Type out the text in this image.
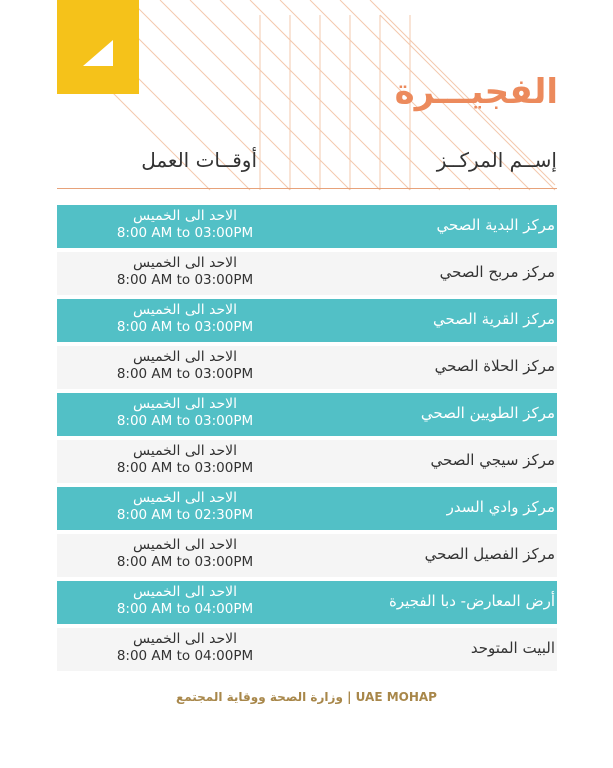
الفجيـــرة
إســم المركــز
أوقــات العمل
مركز البدية الصحي
الاحد الى الخميس
8:00 AM to 03:00PM
مركز مربح الصحي
الاحد الى الخميس
8:00 AM to 03:00PM
مركز القرية الصحي
الاحد الى الخميس
8:00 AM to 03:00PM
مركز الحلاة الصحي
الاحد الى الخميس
8:00 AM to 03:00PM
مركز الطويين الصحي
الاحد الى الخميس
8:00 AM to 03:00PM
مركز سيجي الصحي
الاحد الى الخميس
8:00 AM to 03:00PM
مركز وادي السدر
الاحد الى الخميس
8:00 AM to 02:30PM
مركز الفصيل الصحي
الاحد الى الخميس
8:00 AM to 03:00PM
أرض المعارض- دبا الفجيرة
الاحد الى الخميس
8:00 AM to 04:00PM
البيت المتوحد
الاحد الى الخميس
8:00 AM to 04:00PM
وزارة الصحة ووقاية المجتمع | UAE MOHAP
